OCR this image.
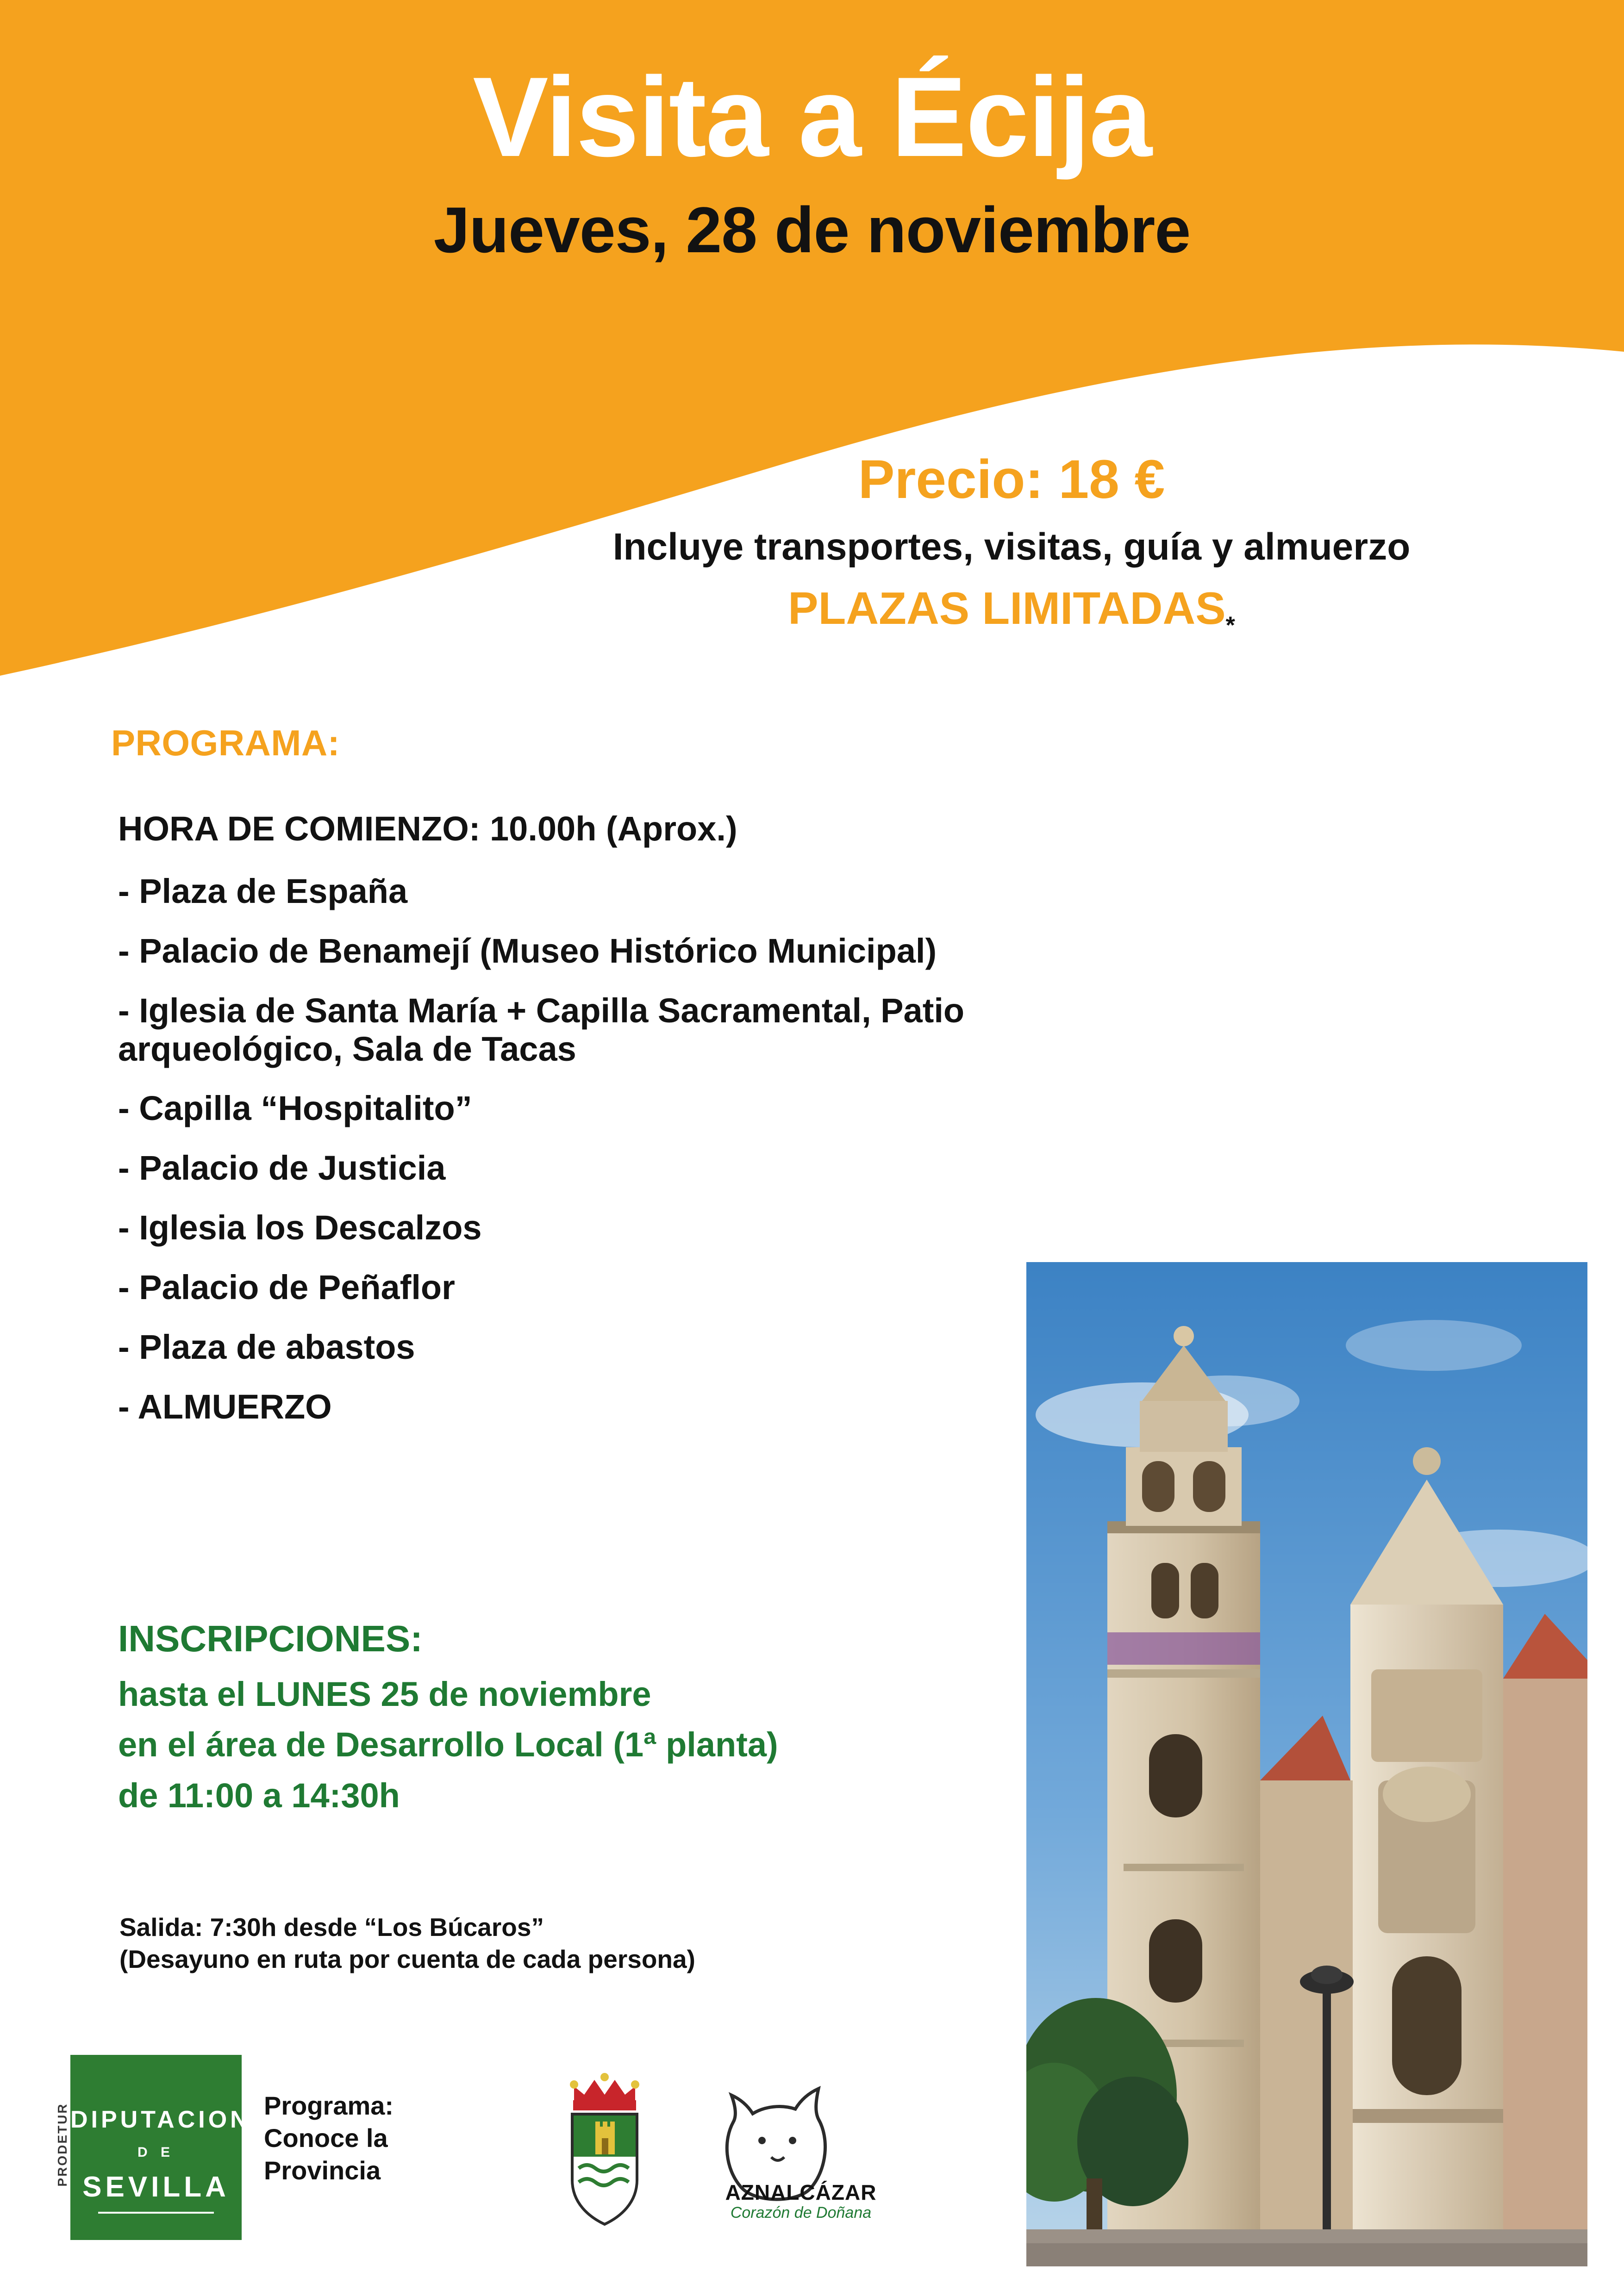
Visita a Écija
Jueves, 28 de noviembre
Precio: 18 €
Incluye transportes, visitas, guía y almuerzo
PLAZAS $LIMITADAS_*$
PROGRAMA:
HORA DE COMIENZO: 10.00h (Aprox.)
- Plaza de España
- Palacio de Benamejí (Museo Histórico Municipal)
- Iglesia de Santa María + Capilla Sacramental, Patio arqueológico, Sala de Tacas
- Capilla “Hospitalito”
- Palacio de Justicia
- Iglesia los Descalzos
- Palacio de Peñaflor
- Plaza de abastos
- ALMUERZO
INSCRIPCIONES:
hasta el LUNES 25 de noviembre
en el área de Desarrollo Local (1ª planta)
de 11:00 a 14:30h
Salida: 7:30h desde “Los Búcaros”
(Desayuno en ruta por cuenta de cada persona)
PRODETUR DIPUTACION
D E
SEVILLA
Programa:
Conoce la
Provincia
AZNALCÁZAR
Corazón de Doñana
